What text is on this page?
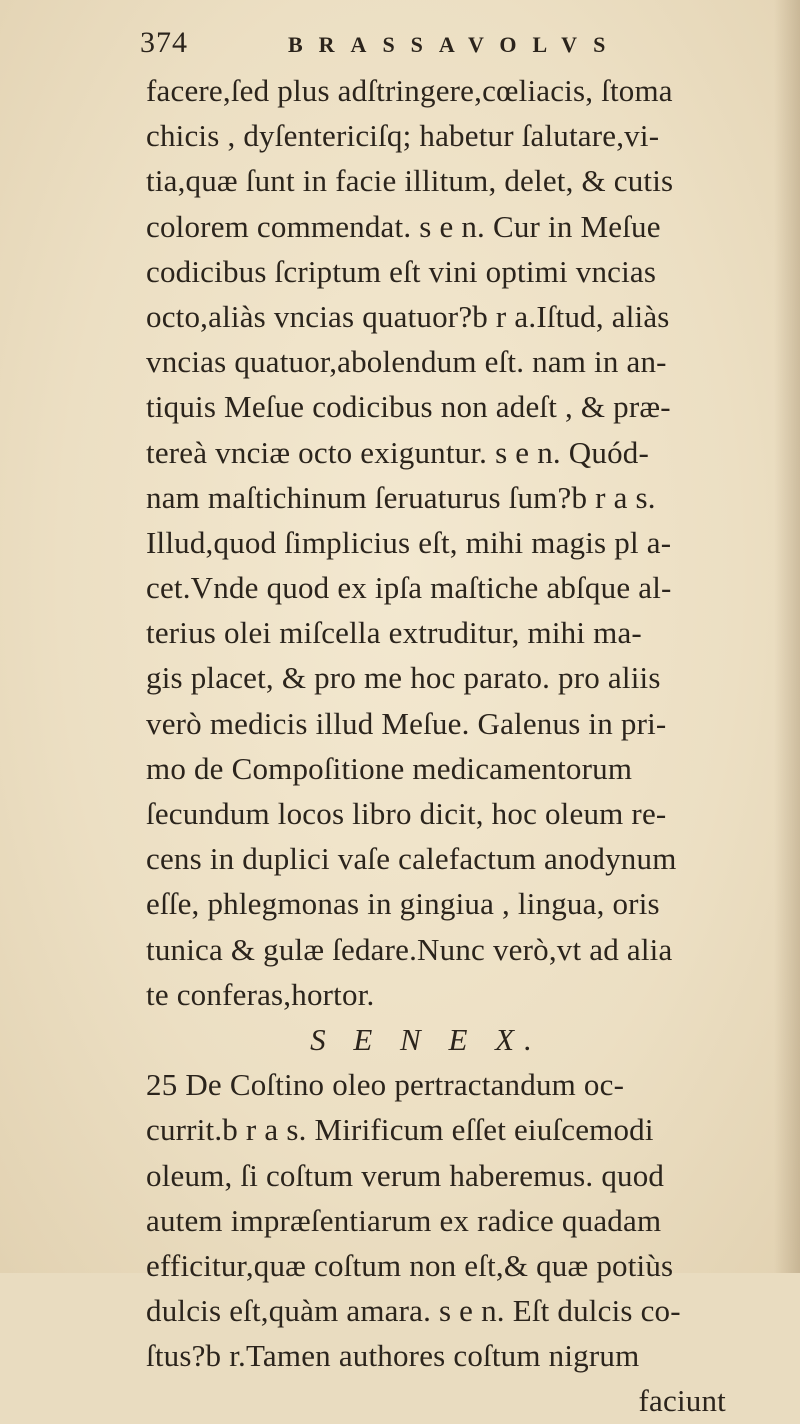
374	BRASSAVOLVS
facere,ſed plus adſtringere,cœliacis, ſtoma
chicis , dyſentericiſq; habetur ſalutare,vi-
tia,quæ ſunt in facie illitum, delet, & cutis
colorem commendat. s e n. Cur in Meſue
codicibus ſcriptum eſt vini optimi vncias
octo,aliàs vncias quatuor?b r a.Iſtud, aliàs
vncias quatuor,abolendum eſt. nam in an-
tiquis Meſue codicibus non adeſt , & præ-
tereà vnciæ octo exiguntur. s e n. Quód-
nam maſtichinum ſeruaturus ſum?b r a s.
Illud,quod ſimplicius eſt, mihi magis pl a-
cet.Vnde quod ex ipſa maſtiche abſque al-
terius olei miſcella extruditur, mihi ma-
gis placet, & pro me hoc parato. pro aliis
verò medicis illud Meſue. Galenus in pri-
mo de Compoſitione medicamentorum
ſecundum locos libro dicit, hoc oleum re-
cens in duplici vaſe calefactum anodynum
eſſe, phlegmonas in gingiua , lingua, oris
tunica & gulæ ſedare.Nunc verò,vt ad alia
te conferas,hortor.
S E N E X.
25 De Coſtino oleo pertractandum oc-
currit.b r a s. Mirificum eſſet eiuſcemodi
oleum, ſi coſtum verum haberemus. quod
autem impræſentiarum ex radice quadam
efficitur,quæ coſtum non eſt,& quæ potiùs
dulcis eſt,quàm amara. s e n. Eſt dulcis co-
ſtus?b r.Tamen authores coſtum nigrum
faciunt
